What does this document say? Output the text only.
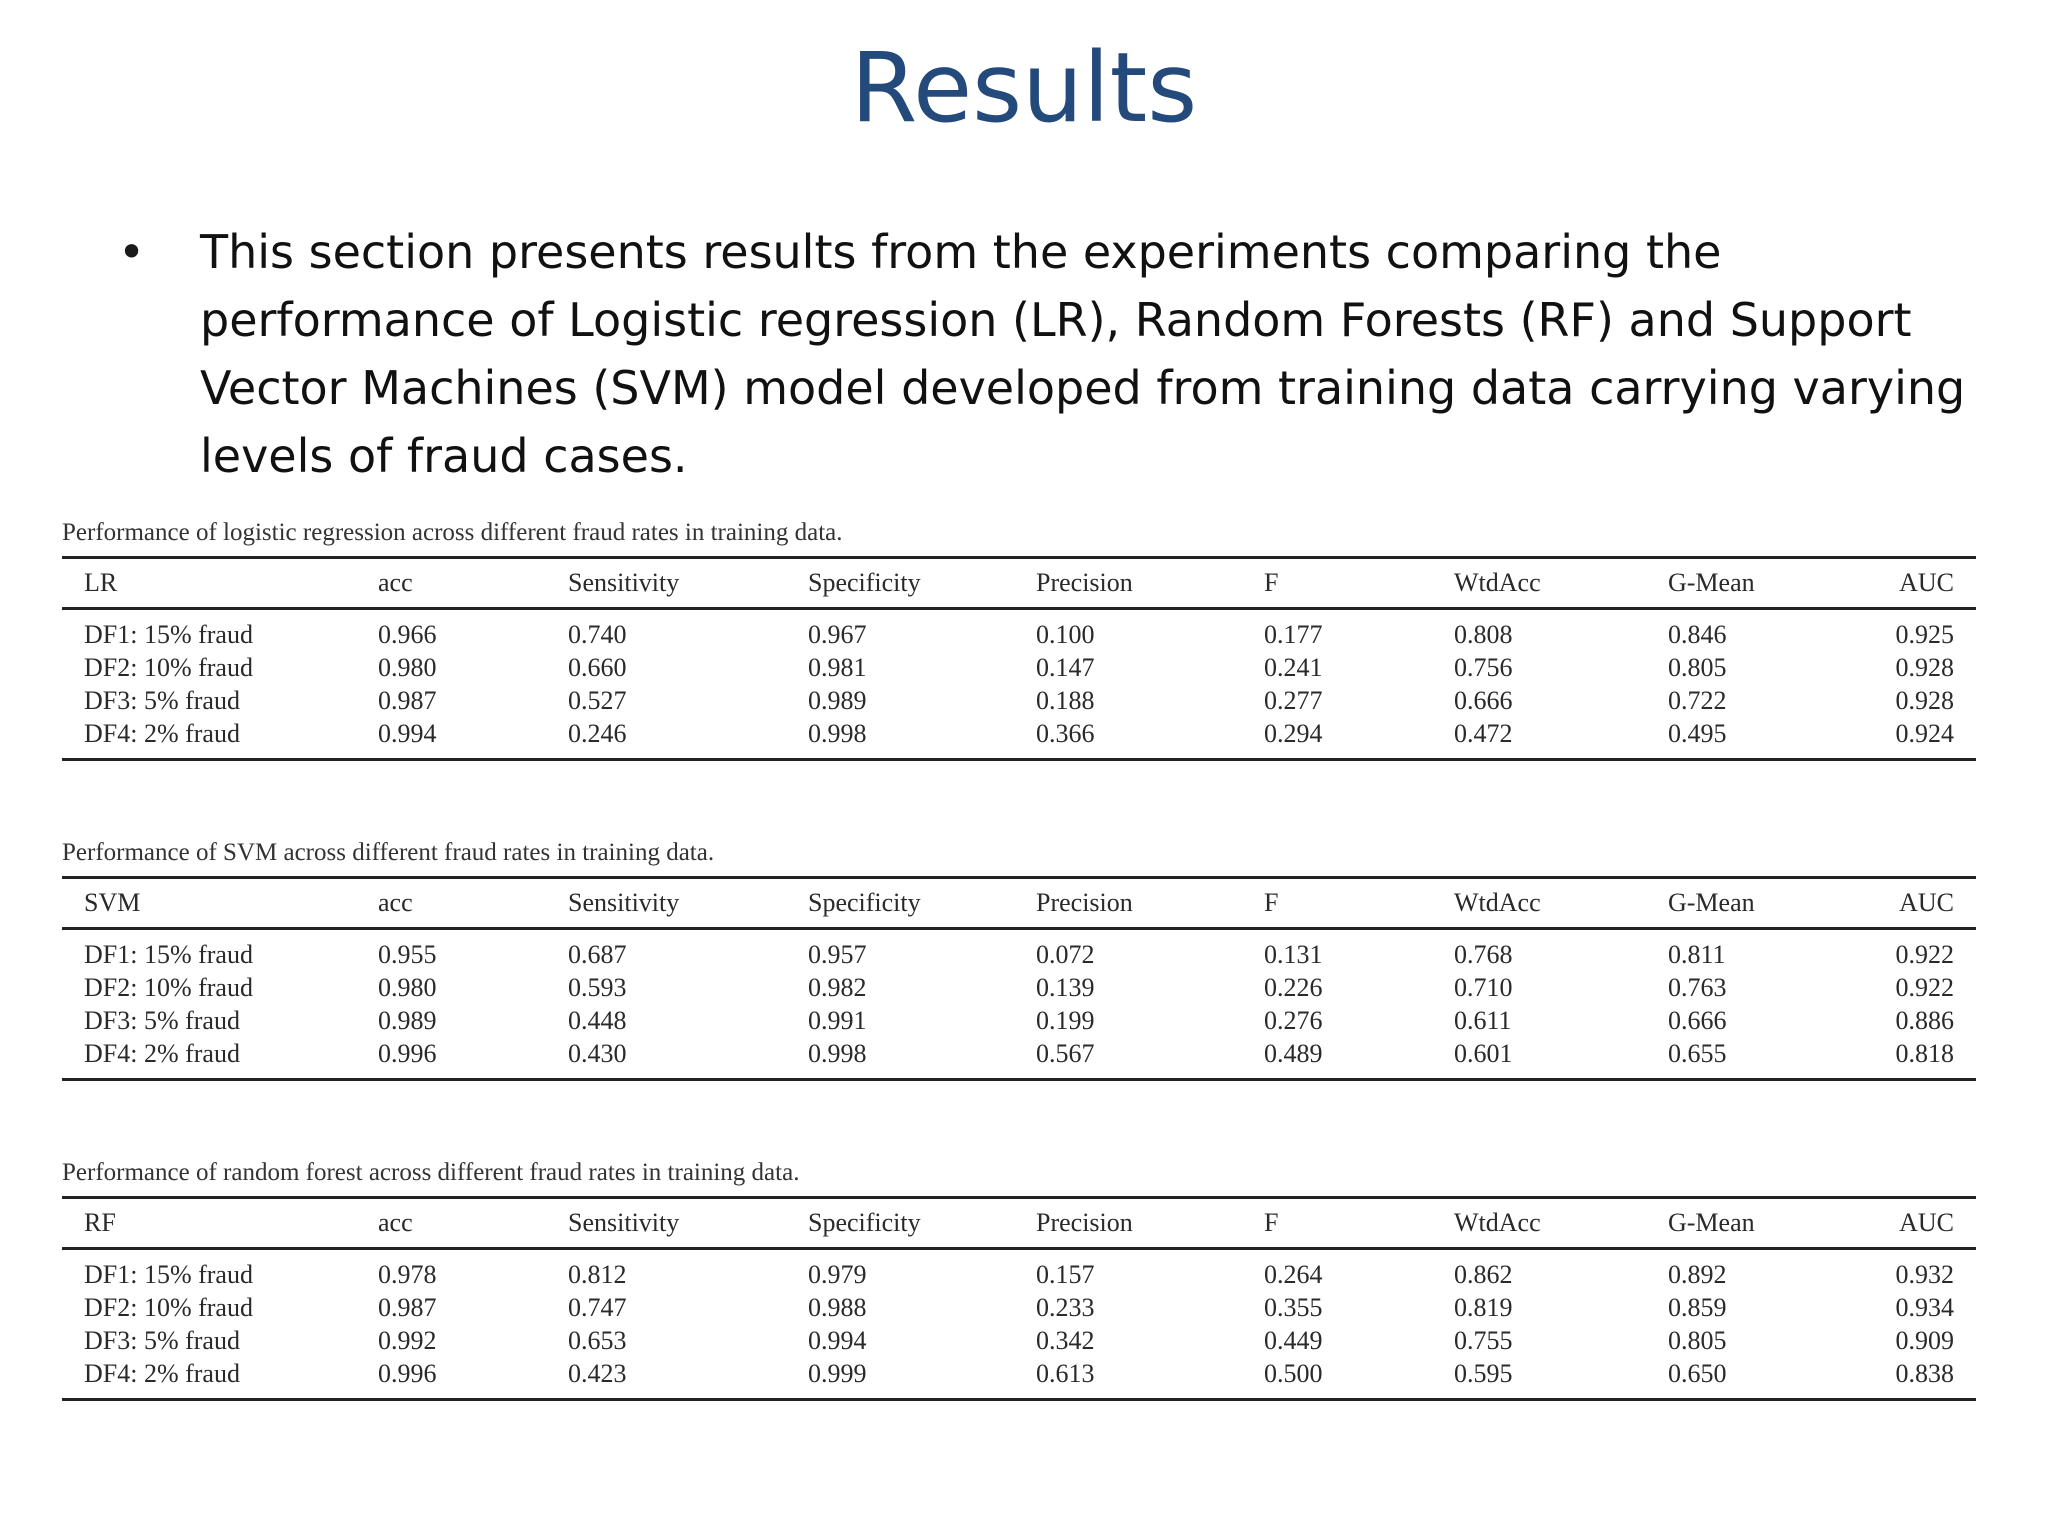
Results
• This section presents results from the experiments comparing the performance of Logistic regression (LR), Random Forests (RF) and Support Vector Machines (SVM) model developed from training data carrying varying levels of fraud cases.
Performance of logistic regression across different fraud rates in training data.
LR	acc	Sensitivity	Specificity	Precision	F	WtdAcc	G-Mean	AUC
DF1: 15% fraud	0.966	0.740	0.967	0.100	0.177	0.808	0.846	0.925
DF2: 10% fraud	0.980	0.660	0.981	0.147	0.241	0.756	0.805	0.928
DF3: 5% fraud	0.987	0.527	0.989	0.188	0.277	0.666	0.722	0.928
DF4: 2% fraud	0.994	0.246	0.998	0.366	0.294	0.472	0.495	0.924
Performance of SVM across different fraud rates in training data.
SVM	acc	Sensitivity	Specificity	Precision	F	WtdAcc	G-Mean	AUC
DF1: 15% fraud	0.955	0.687	0.957	0.072	0.131	0.768	0.811	0.922
DF2: 10% fraud	0.980	0.593	0.982	0.139	0.226	0.710	0.763	0.922
DF3: 5% fraud	0.989	0.448	0.991	0.199	0.276	0.611	0.666	0.886
DF4: 2% fraud	0.996	0.430	0.998	0.567	0.489	0.601	0.655	0.818
Performance of random forest across different fraud rates in training data.
RF	acc	Sensitivity	Specificity	Precision	F	WtdAcc	G-Mean	AUC
DF1: 15% fraud	0.978	0.812	0.979	0.157	0.264	0.862	0.892	0.932
DF2: 10% fraud	0.987	0.747	0.988	0.233	0.355	0.819	0.859	0.934
DF3: 5% fraud	0.992	0.653	0.994	0.342	0.449	0.755	0.805	0.909
DF4: 2% fraud	0.996	0.423	0.999	0.613	0.500	0.595	0.650	0.838
